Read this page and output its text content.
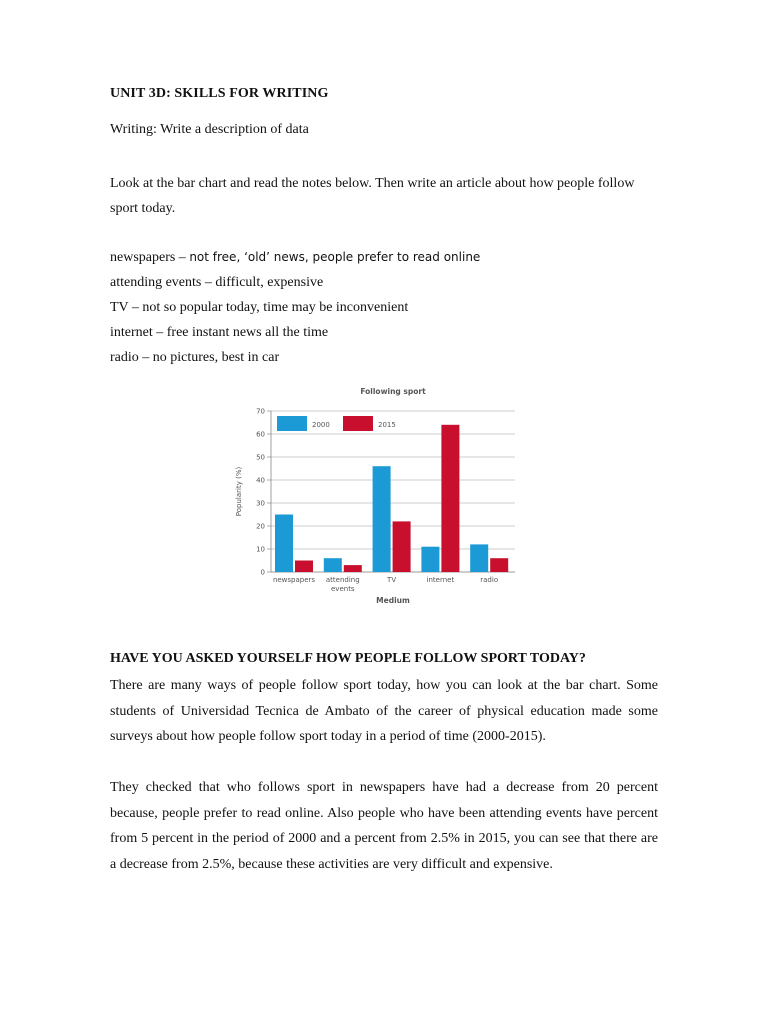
UNIT 3D: SKILLS FOR WRITING
Writing: Write a description of data
Look at the bar chart and read the notes below. Then write an article about how people follow sport today.
newspapers – not free, ‘old’ news, people prefer to read online
attending events – difficult, expensive
TV – not so popular today, time may be inconvenient
internet – free instant news all the time
radio – no pictures, best in car
Following sport
0
10
20
30
40
50
60
70
Popularity (%)
newspapers attending
events
TV	internet	radio
Medium
2000	2015
HAVE YOU ASKED YOURSELF HOW PEOPLE FOLLOW SPORT TODAY?
There are many ways of people follow sport today, how you can look at the bar chart. Some students of Universidad Tecnica de Ambato of the career of physical education made some surveys about how people follow sport today in a period of time (2000-2015).
They checked that who follows sport in newspapers have had a decrease from 20 percent because, people prefer to read online. Also people who have been attending events have percent from 5 percent in the period of 2000 and a percent from 2.5% in 2015, you can see that there are a decrease from 2.5%, because these activities are very difficult and expensive.
